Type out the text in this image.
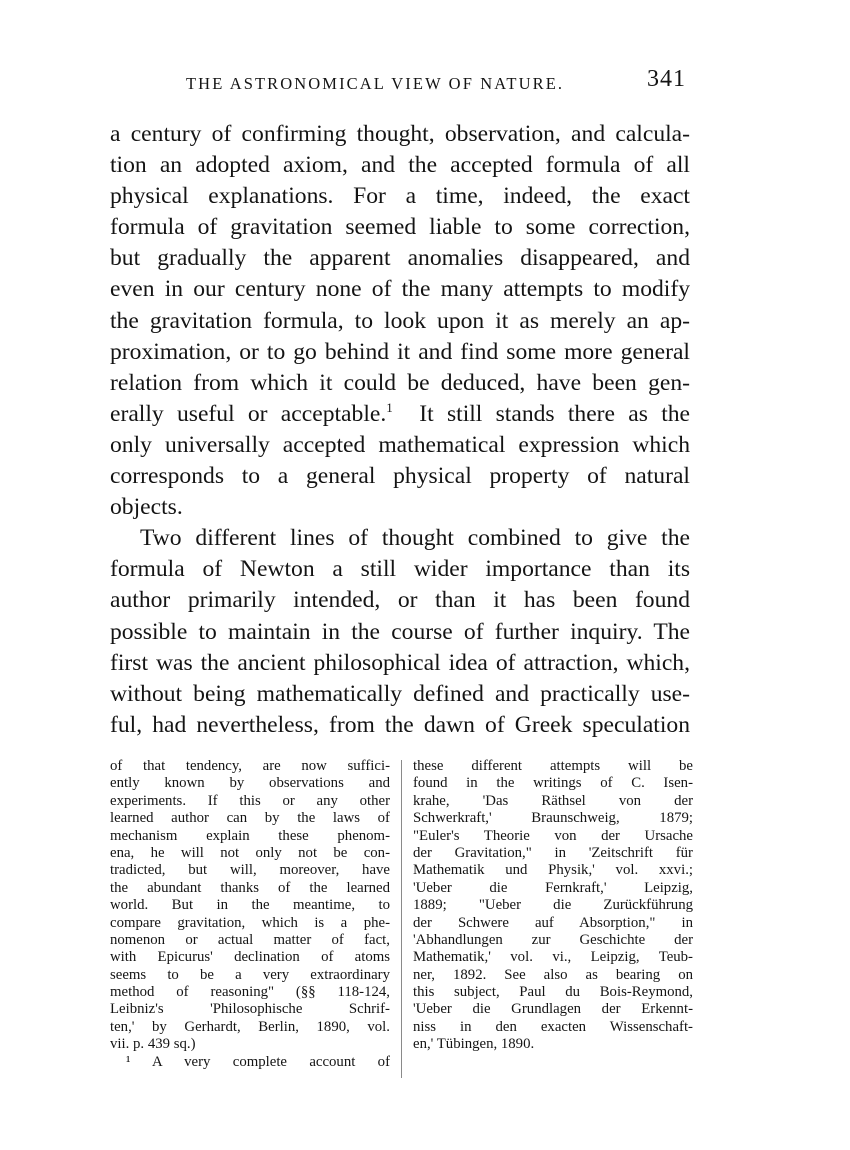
THE ASTRONOMICAL VIEW OF NATURE.	341
a century of confirming thought, observation, and calcula-
tion an adopted axiom, and the accepted formula of all
physical explanations. For a time, indeed, the exact
formula of gravitation seemed liable to some correction,
but gradually the apparent anomalies disappeared, and
even in our century none of the many attempts to modify
the gravitation formula, to look upon it as merely an ap-
proximation, or to go behind it and find some more general
relation from which it could be deduced, have been gen-
erally useful or acceptable.$^1$ It still stands there as the
only universally accepted mathematical expression which
corresponds to a general physical property of natural
objects.
Two different lines of thought combined to give the
formula of Newton a still wider importance than its
author primarily intended, or than it has been found
possible to maintain in the course of further inquiry. The
first was the ancient philosophical idea of attraction, which,
without being mathematically defined and practically use-
ful, had nevertheless, from the dawn of Greek speculation
of that tendency, are now suffici-
ently known by observations and
experiments. If this or any other
learned author can by the laws of
mechanism explain these phenom-
ena, he will not only not be con-
tradicted, but will, moreover, have
the abundant thanks of the learned
world. But in the meantime, to
compare gravitation, which is a phe-
nomenon or actual matter of fact,
with Epicurus' declination of atoms
seems to be a very extraordinary
method of reasoning" (§§ 118-124,
Leibniz's 'Philosophische Schrif-
ten,' by Gerhardt, Berlin, 1890, vol.
vii. p. 439 sq.)
¹ A very complete account of
these different attempts will be
found in the writings of C. Isen-
krahe, 'Das Räthsel von der
Schwerkraft,' Braunschweig, 1879;
"Euler's Theorie von der Ursache
der Gravitation," in 'Zeitschrift für
Mathematik und Physik,' vol. xxvi.;
'Ueber die Fernkraft,' Leipzig,
1889; "Ueber die Zurückführung
der Schwere auf Absorption," in
'Abhandlungen zur Geschichte der
Mathematik,' vol. vi., Leipzig, Teub-
ner, 1892. See also as bearing on
this subject, Paul du Bois-Reymond,
'Ueber die Grundlagen der Erkennt-
niss in den exacten Wissenschaft-
en,' Tübingen, 1890.
